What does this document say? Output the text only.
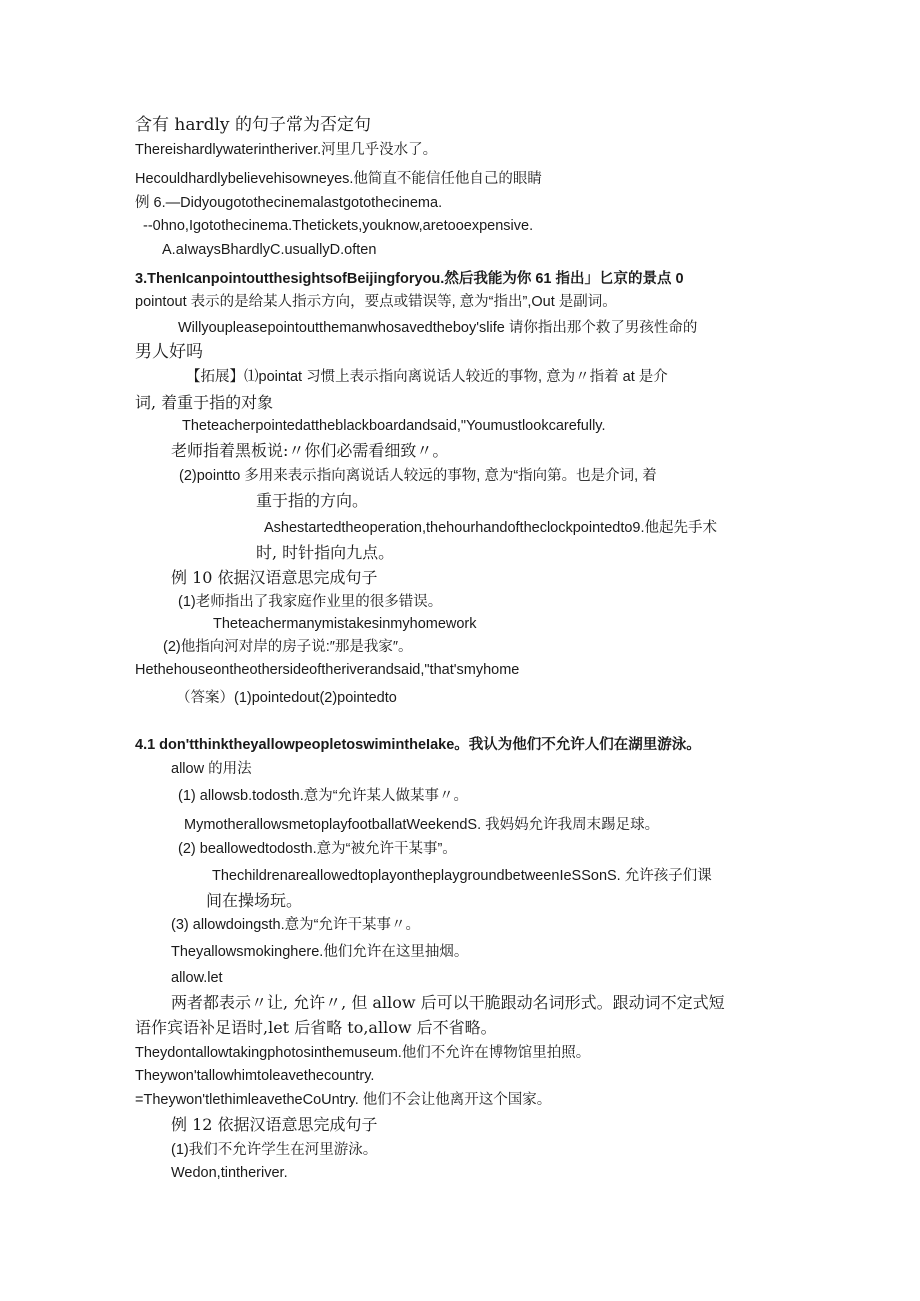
含有 hardly 的句子常为否定句
Thereishardlywaterintheriver.河里几乎没水了。
Hecouldhardlybelievehisowneyes.他简直不能信任他自己的眼睛
例 6.—Didyougotothecinemalastgotothecinema.
--0hno,Igotothecinema.Thetickets,youknow,aretooexpensive.
A.aIwaysBhardlyC.usuallyD.often
3.ThenIcanpointoutthesightsofBeijingforyou.然后我能为你 61 指出」匕京的景点 0
pointout 表示的是给某人指示方向，要点或错误等, 意为“指出”,Out 是副词。
Willyoupleasepointoutthemanwhosavedtheboy'slife 请你指出那个救了男孩性命的
男人好吗
【拓展】⑴pointat 习惯上表示指向离说话人较近的事物, 意为〃指着 at 是介
词, 着重于指的对象
Theteacherpointedattheblackboardandsaid,"Youmustlookcarefully.
老师指着黑板说:〃你们必需看细致〃。
(2)pointto 多用来表示指向离说话人较远的事物, 意为“指向第。也是介词, 着
重于指的方向。
Ashestartedtheoperation,thehourhandoftheclockpointedto9.他起先手术
时, 时针指向九点。
例 10 依据汉语意思完成句子
(1)老师指出了我家庭作业里的很多错误。
Theteachermanymistakesinmyhomework
(2)他指向河对岸的房子说:″那是我家″。
Hethehouseontheothersideoftheriverandsaid,"that'smyhome
（答案）(1)pointedout(2)pointedto
4.1 don'tthinktheyallowpeopletoswimintheIake。我认为他们不允许人们在湖里游泳。
allow 的用法
(1) allowsb.todosth.意为“允许某人做某事〃。
MymotherallowsmetoplayfootballatWeekendS. 我妈妈允许我周末踢足球。
(2) beallowedtodosth.意为“被允许干某事”。
ThechildrenareallowedtoplayontheplaygroundbetweenIeSSonS. 允许孩子们课
间在操场玩。
(3) allowdoingsth.意为“允许干某事〃。
Theyallowsmokinghere.他们允许在这里抽烟。
allow.let
两者都表示〃让, 允许〃, 但 allow 后可以干脆跟动名词形式。跟动词不定式短
语作宾语补足语时,let 后省略 to,allow 后不省略。
Theydontallowtakingphotosinthemuseum.他们不允许在博物馆里拍照。
Theywon'tallowhimtoleavethecountry.
=Theywon'tlethimleavetheCoUntry. 他们不会让他离开这个国家。
例 12 依据汉语意思完成句子
(1)我们不允许学生在河里游泳。
Wedon,tintheriver.
